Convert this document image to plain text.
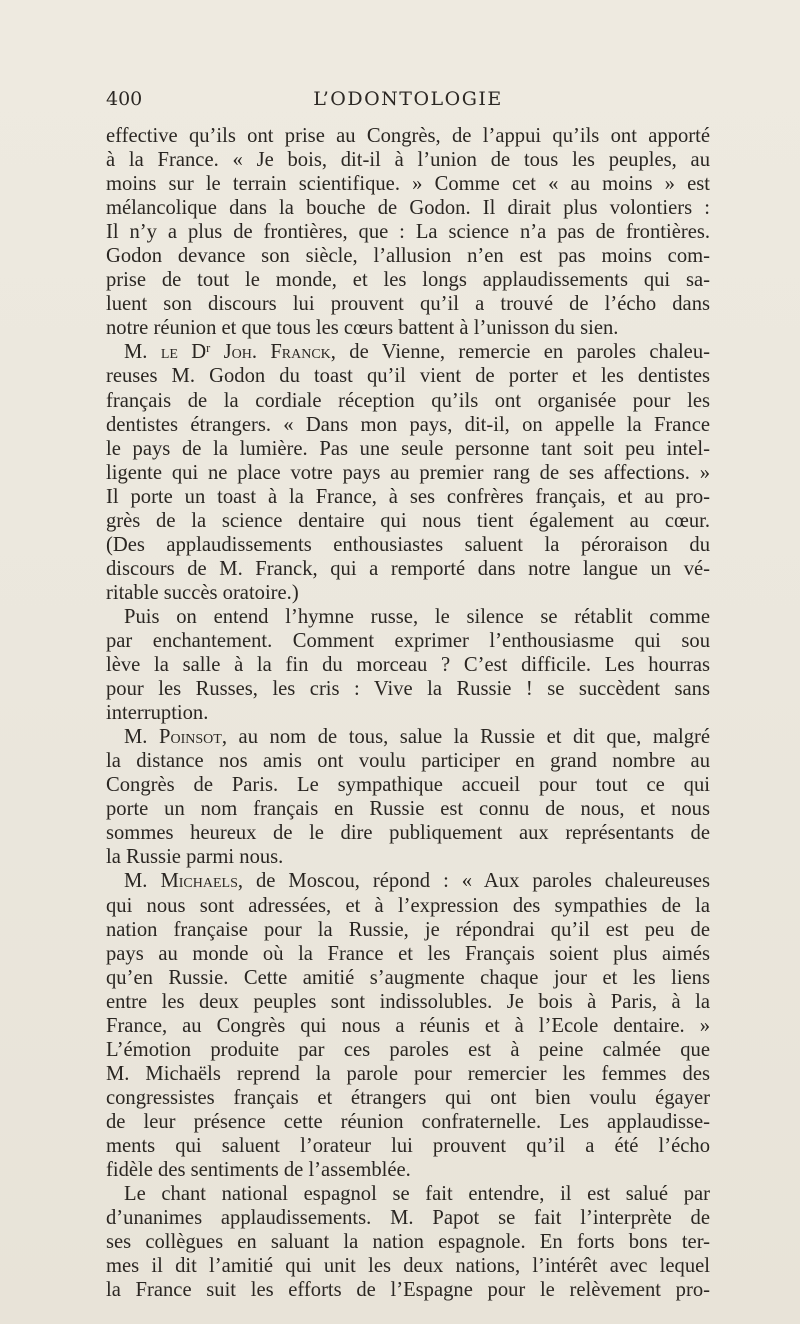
400	L’ODONTOLOGIE
effective qu’ils ont prise au Congrès, de l’appui qu’ils ont apporté
à la France. « Je bois, dit-il à l’union de tous les peuples, au
moins sur le terrain scientifique. » Comme cet « au moins » est
mélancolique dans la bouche de Godon. Il dirait plus volontiers :
Il n’y a plus de frontières, que : La science n’a pas de frontières.
Godon devance son siècle, l’allusion n’en est pas moins com-
prise de tout le monde, et les longs applaudissements qui sa-
luent son discours lui prouvent qu’il a trouvé de l’écho dans
notre réunion et que tous les cœurs battent à l’unisson du sien.
M. le $D^r$ Joh. Franck, de Vienne, remercie en paroles chaleu-
reuses M. Godon du toast qu’il vient de porter et les dentistes
français de la cordiale réception qu’ils ont organisée pour les
dentistes étrangers. « Dans mon pays, dit-il, on appelle la France
le pays de la lumière. Pas une seule personne tant soit peu intel-
ligente qui ne place votre pays au premier rang de ses affections. »
Il porte un toast à la France, à ses confrères français, et au pro-
grès de la science dentaire qui nous tient également au cœur.
(Des applaudissements enthousiastes saluent la péroraison du
discours de M. Franck, qui a remporté dans notre langue un vé-
ritable succès oratoire.)
Puis on entend l’hymne russe, le silence se rétablit comme
par enchantement. Comment exprimer l’enthousiasme qui sou
lève la salle à la fin du morceau ? C’est difficile. Les hourras
pour les Russes, les cris : Vive la Russie ! se succèdent sans
interruption.
M. Poinsot, au nom de tous, salue la Russie et dit que, malgré
la distance nos amis ont voulu participer en grand nombre au
Congrès de Paris. Le sympathique accueil pour tout ce qui
porte un nom français en Russie est connu de nous, et nous
sommes heureux de le dire publiquement aux représentants de
la Russie parmi nous.
M. Michaels, de Moscou, répond : « Aux paroles chaleureuses
qui nous sont adressées, et à l’expression des sympathies de la
nation française pour la Russie, je répondrai qu’il est peu de
pays au monde où la France et les Français soient plus aimés
qu’en Russie. Cette amitié s’augmente chaque jour et les liens
entre les deux peuples sont indissolubles. Je bois à Paris, à la
France, au Congrès qui nous a réunis et à l’Ecole dentaire. »
L’émotion produite par ces paroles est à peine calmée que
M. Michaëls reprend la parole pour remercier les femmes des
congressistes français et étrangers qui ont bien voulu égayer
de leur présence cette réunion confraternelle. Les applaudisse-
ments qui saluent l’orateur lui prouvent qu’il a été l’écho
fidèle des sentiments de l’assemblée.
Le chant national espagnol se fait entendre, il est salué par
d’unanimes applaudissements. M. Papot se fait l’interprète de
ses collègues en saluant la nation espagnole. En forts bons ter-
mes il dit l’amitié qui unit les deux nations, l’intérêt avec lequel
la France suit les efforts de l’Espagne pour le relèvement pro-
